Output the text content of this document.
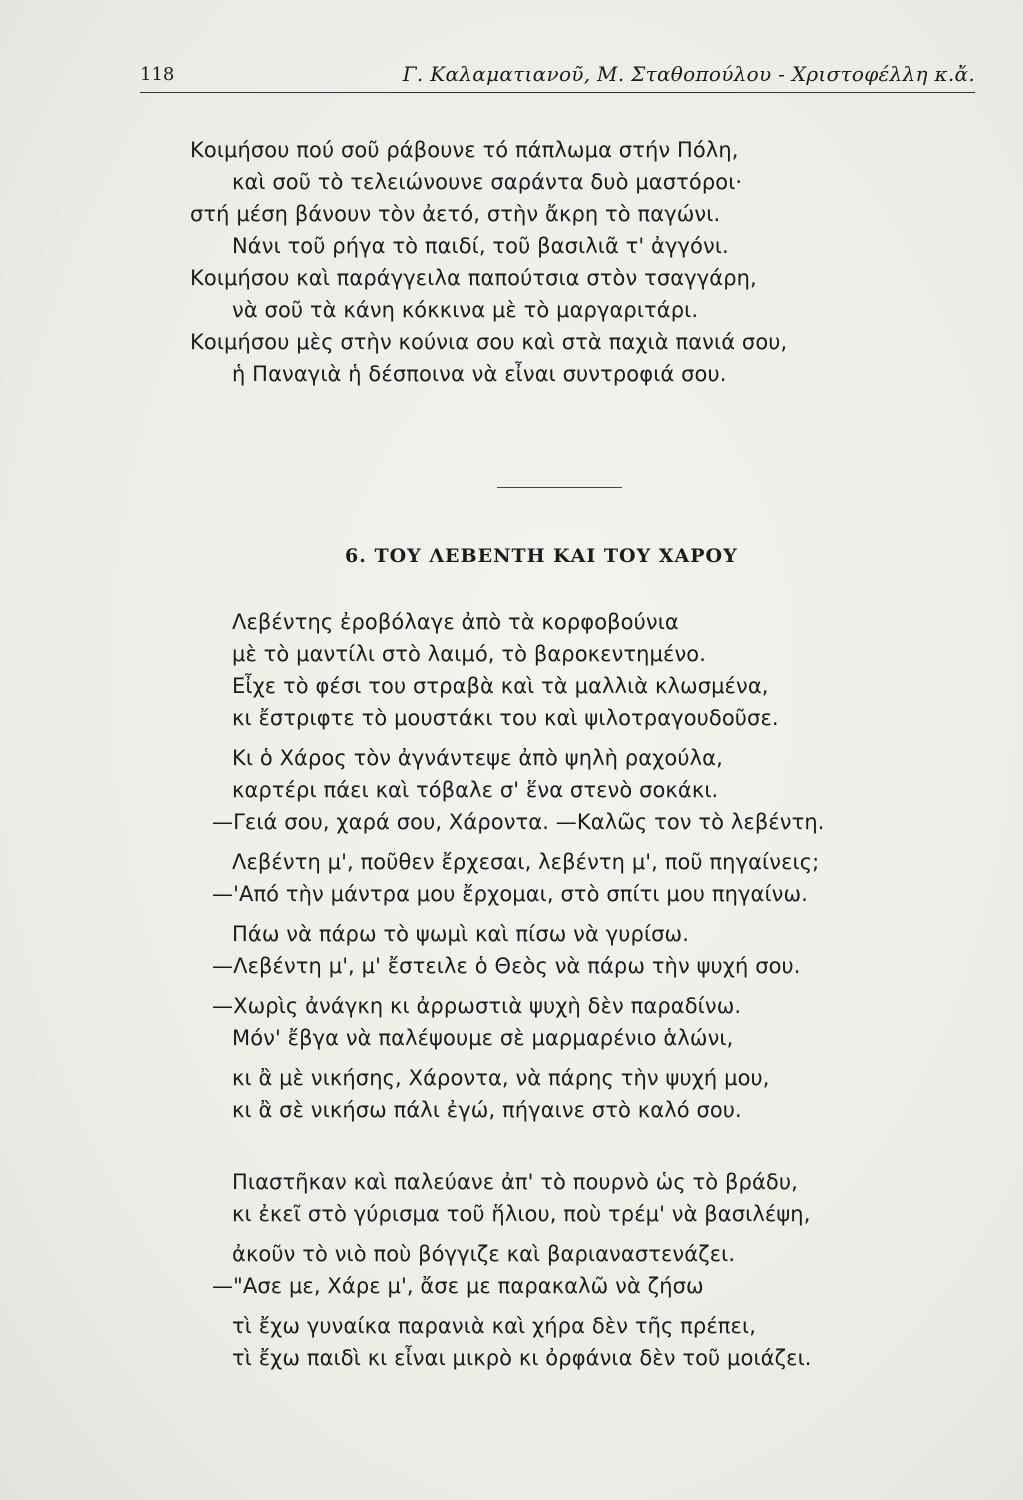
118	Γ. Καλαματιανοῦ, Μ. Σταθοπούλου - Χριστοφέλλη κ.ἄ.
Κοιμήσου πού σοῦ ράβουνε τό πάπλωμα στήν Πόλη,
καὶ σοῦ τὸ τελειώνουνε σαράντα δυὸ μαστόροι·
στή μέση βάνουν τὸν ἀετό, στὴν ἄκρη τὸ παγώνι.
Νάνι τοῦ ρήγα τὸ παιδί, τοῦ βασιλιᾶ τ' ἀγγόνι.
Κοιμήσου καὶ παράγγειλα παπούτσια στὸν τσαγγάρη,
νὰ σοῦ τὰ κάνη κόκκινα μὲ τὸ μαργαριτάρι.
Κοιμήσου μὲς στὴν κούνια σου καὶ στὰ παχιὰ πανιά σου,
ἡ Παναγιὰ ἡ δέσποινα νὰ εἶναι συντροφιά σου.
6. ΤΟΥ ΛΕΒΕΝΤΗ ΚΑΙ ΤΟΥ ΧΑΡΟΥ
Λεβέντης ἐροβόλαγε ἀπὸ τὰ κορφοβούνια
μὲ τὸ μαντίλι στὸ λαιμό, τὸ βαροκεντημένο.
Εἶχε τὸ φέσι του στραβὰ καὶ τὰ μαλλιὰ κλωσμένα,
κι ἔστριφτε τὸ μουστάκι του καὶ ψιλοτραγουδοῦσε.
Κι ὁ Χάρος τὸν ἀγνάντεψε ἀπὸ ψηλὴ ραχούλα,
καρτέρι πάει καὶ τόβαλε σ' ἕνα στενὸ σοκάκι.
—Γειά σου, χαρά σου, Χάροντα. —Καλῶς τον τὸ λεβέντη.
Λεβέντη μ', ποῦθεν ἔρχεσαι, λεβέντη μ', ποῦ πηγαίνεις;
—'Από τὴν μάντρα μου ἔρχομαι, στὸ σπίτι μου πηγαίνω.
Πάω νὰ πάρω τὸ ψωμὶ καὶ πίσω νὰ γυρίσω.
—Λεβέντη μ', μ' ἔστειλε ὁ Θεὸς νὰ πάρω τὴν ψυχή σου.
—Χωρὶς ἀνάγκη κι ἀρρωστιὰ ψυχὴ δὲν παραδίνω.
Μόν' ἔβγα νὰ παλέψουμε σὲ μαρμαρένιο ἁλώνι,
κι ἂ μὲ νικήσης, Χάροντα, νὰ πάρης τὴν ψυχή μου,
κι ἂ σὲ νικήσω πάλι ἐγώ, πήγαινε στὸ καλό σου.
Πιαστῆκαν καὶ παλεύανε ἀπ' τὸ πουρνὸ ὡς τὸ βράδυ,
κι ἐκεῖ στὸ γύρισμα τοῦ ἥλιου, ποὺ τρέμ' νὰ βασιλέψη,
ἀκοῦν τὸ νιὸ ποὺ βόγγιζε καὶ βαριαναστενάζει.
—"Ασε με, Χάρε μ', ἄσε με παρακαλῶ νὰ ζήσω
τὶ ἔχω γυναίκα παρανιὰ καὶ χήρα δὲν τῆς πρέπει,
τὶ ἔχω παιδὶ κι εἶναι μικρὸ κι ὀρφάνια δὲν τοῦ μοιάζει.
